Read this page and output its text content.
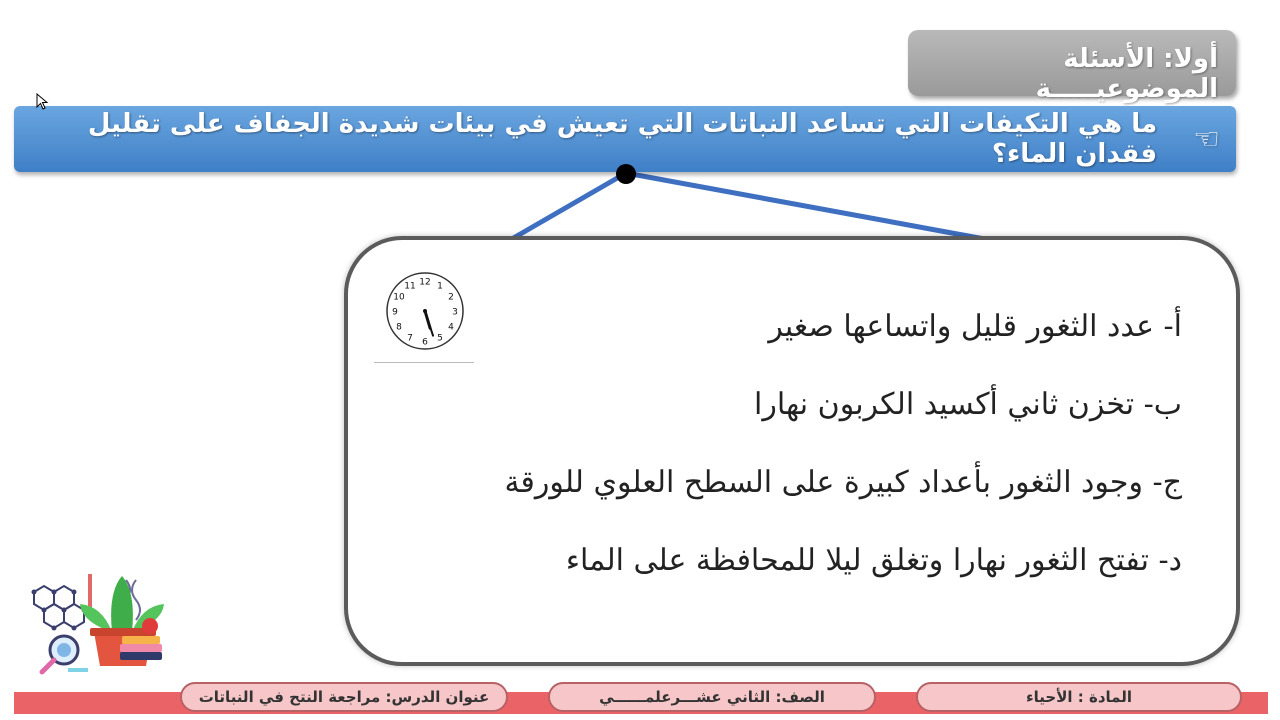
أولا: الأسئلة الموضوعيـــــة
☜
ما هي التكيفات التي تساعد النباتات التي تعيش في بيئات شديدة الجفاف على تقليل فقدان الماء؟
12 1
2
3
4
5
6
7
8
9
10
11
أ- عدد الثغور قليل واتساعها صغير
ب- تخزن ثاني أكسيد الكربون نهارا
ج- وجود الثغور بأعداد كبيرة على السطح العلوي للورقة
د- تفتح الثغور نهارا وتغلق ليلا للمحافظة على الماء
المادة : الأحياء
الصف: الثاني عشـــرعلمــــــي
عنوان الدرس: مراجعة النتح في النباتات
